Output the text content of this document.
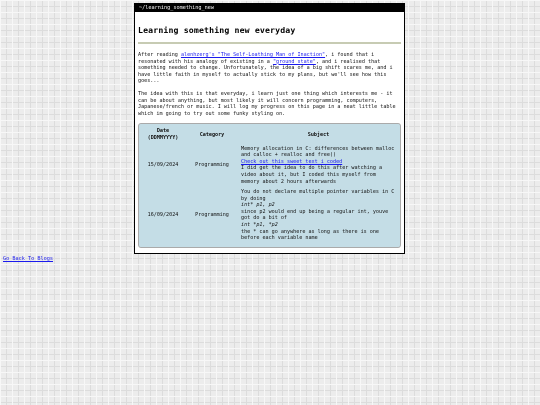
~/learning_something_new
Learning something new everyday

After reading alenhzerg's "The Self-Loathing Man of Inaction", i found that i resonated with his analogy of existing in a "ground state", and i realised that something needed to change. Unfortunately, the idea of a big shift scares me, and i have little faith in myself to actually stick to my plans, but we'll see how this goes...

The idea with this is that everyday, i learn just one thing which interests me - it can be about anything, but most likely it will concern programming, computers, Japanese/french or music. I will log my progress on this page in a neat little table which im going to try out some funky styling on.

Date (DDMMYYYY)	Category	Subject
15/09/2024	Programming	Memory allocation in C: differences between malloc and calloc + realloc and free()
Check out this sweet text i coded
I did get the idea to do this after watching a video about it, but I coded this myself from memory about 2 hours afterwards
16/09/2024	Programming	You do not declare multiple pointer variables in C by doing
int* p1, p2
since p2 would end up being a regular int, youve got do a bit of
int *p1, *p2
the * can go anywhere as long as there is one before each variable name
Go Back To Blogs
